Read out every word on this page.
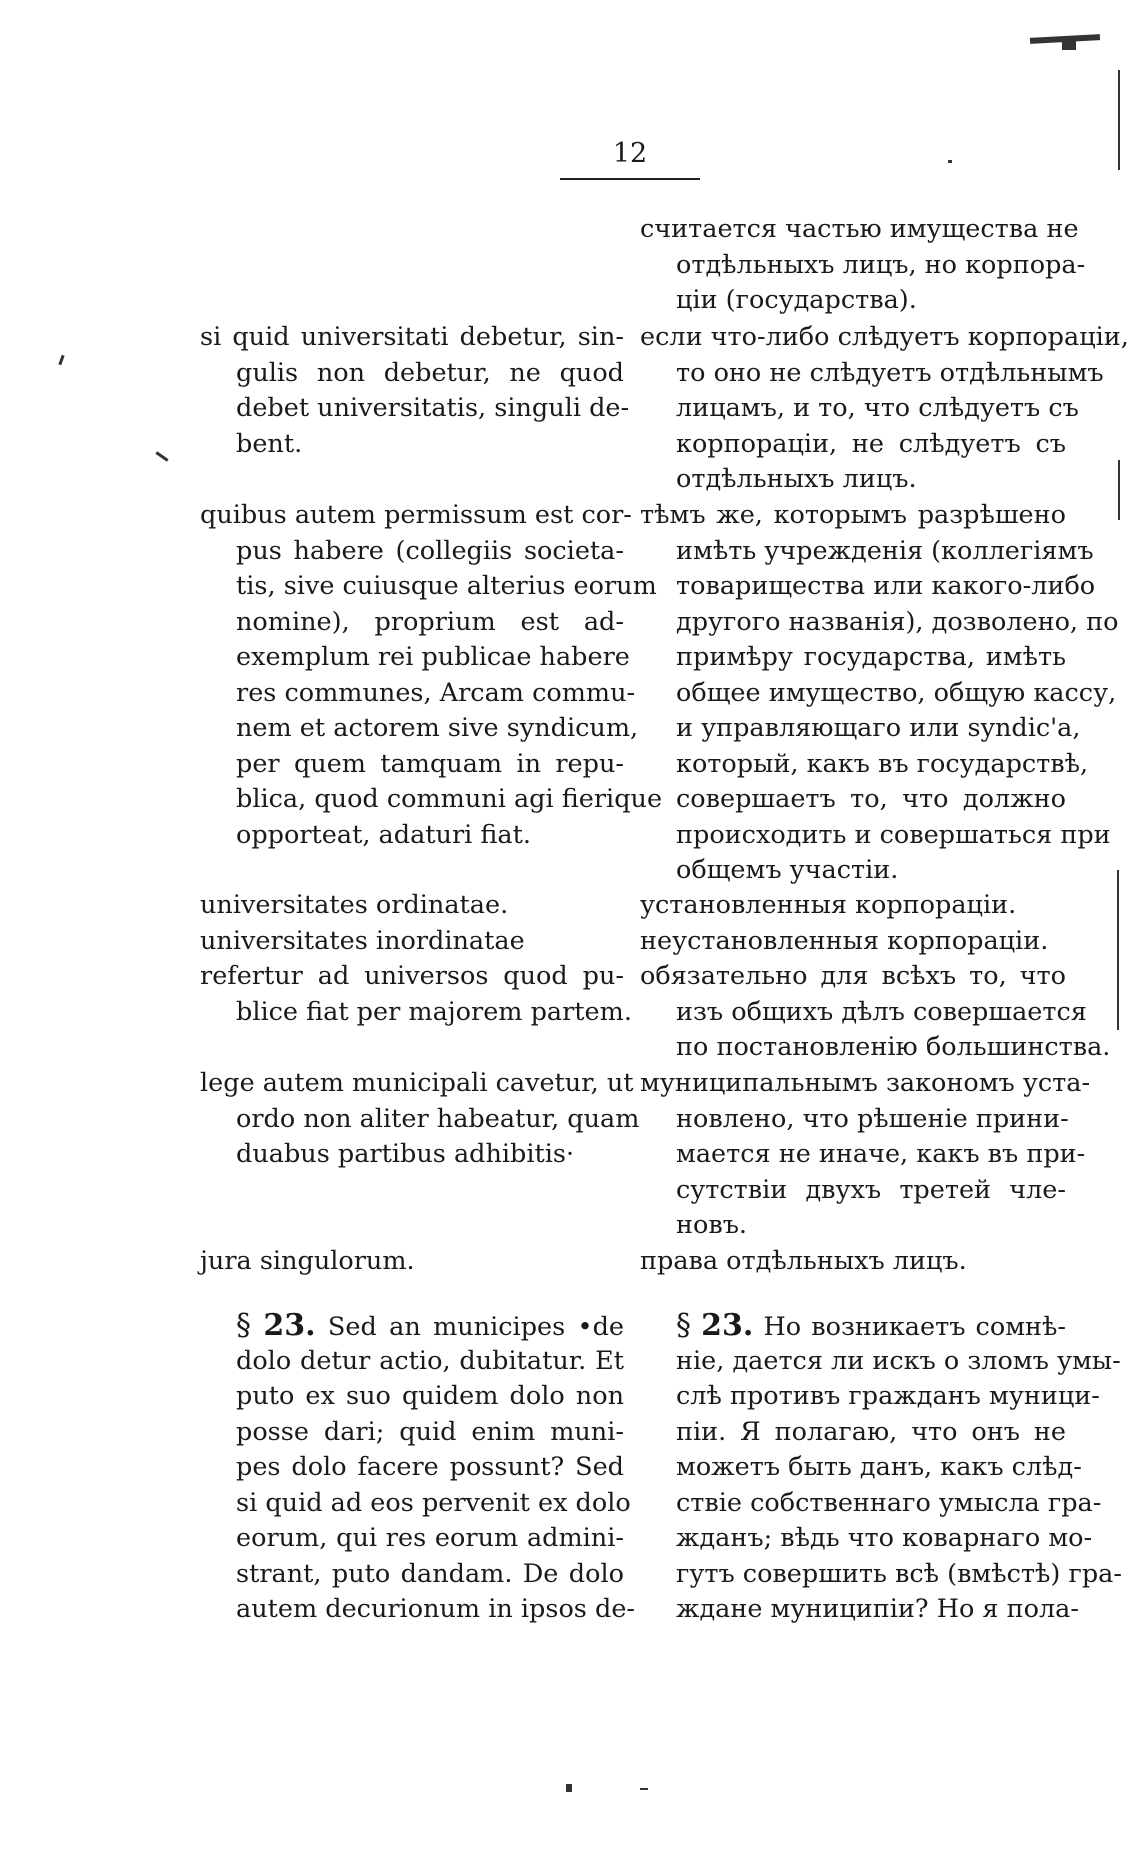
12
считается частью имущества не
отдѣльныхъ лицъ, но корпора-
ціи (государства).
si quid universitati debetur, sin-
gulis non debetur, ne quod
debet universitatis, singuli de-
bent.
если что-либо слѣдуетъ корпораціи,
то оно не слѣдуетъ отдѣльнымъ
лицамъ, и то, что слѣдуетъ съ
корпораціи, не слѣдуетъ съ
отдѣльныхъ лицъ.
quibus autem permissum est cor-
pus habere (collegiis societa-
tis, sive cuiusque alterius eorum
nomine), proprium est ad-
exemplum rei publicae habere
res communes, Arcam commu-
nem et actorem sive syndicum,
per quem tamquam in repu-
blica, quod communi agi fierique
opporteat, adaturi fiat.
тѣмъ же, которымъ разрѣшено
имѣть учрежденія (коллегіямъ
товарищества или какого-либо
другого названія), дозволено, по
примѣру государства, имѣть
общее имущество, общую кассу,
и управляющаго или syndic'a,
который, какъ въ государствѣ,
совершаетъ то, что должно
происходить и совершаться при
общемъ участіи.
universitates ordinatae.
universitates inordinatae
refertur ad universos quod pu-
blice fiat per majorem partem.
установленныя корпораціи.
неустановленныя корпораціи.
обязательно для всѣхъ то, что
изъ общихъ дѣлъ совершается
по постановленію большинства.
lege autem municipali cavetur, ut
ordo non aliter habeatur, quam
duabus partibus adhibitis·
муниципальнымъ закономъ уста-
новлено, что рѣшеніе прини-
мается не иначе, какъ въ при-
сутствіи двухъ третей чле-
новъ.
jura singulorum.	права отдѣльныхъ лицъ.
§ 23. Sed an municipes •de
dolo detur actio, dubitatur. Et
puto ex suo quidem dolo non
posse dari; quid enim muni-
pes dolo facere possunt? Sed
si quid ad eos pervenit ex dolo
eorum, qui res eorum admini-
strant, puto dandam. De dolo
autem decurionum in ipsos de-
§ 23. Но возникаетъ сомнѣ-
ніе, дается ли искъ о зломъ умы-
слѣ противъ гражданъ муници-
піи. Я полагаю, что онъ не
можетъ быть данъ, какъ слѣд-
ствіе собственнаго умысла гра-
жданъ; вѣдь что коварнаго мо-
гутъ совершить всѣ (вмѣстѣ) гра-
ждане муниципіи? Но я пола-
